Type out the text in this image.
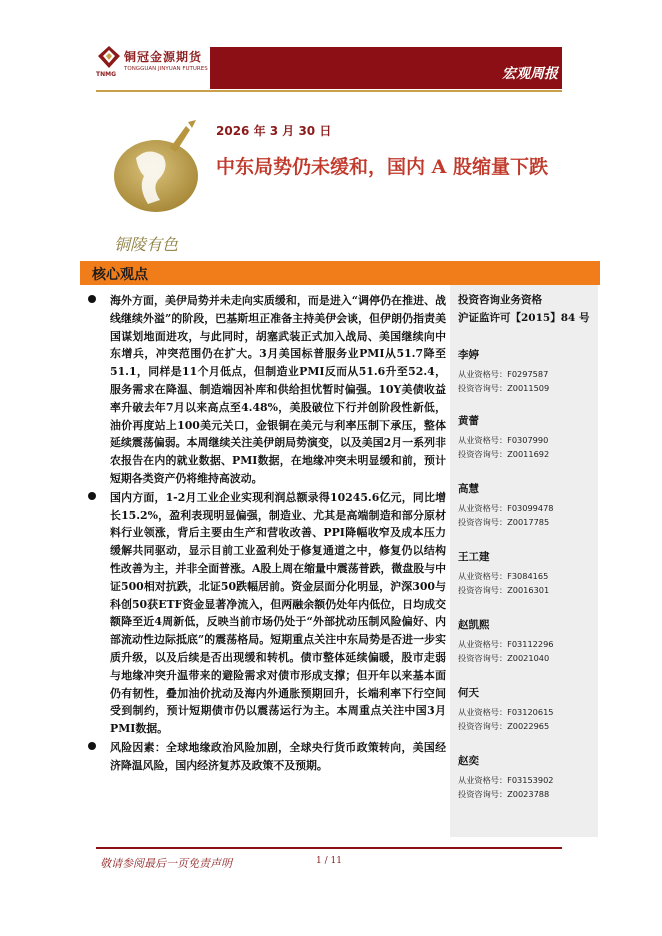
TNMG
铜冠金源期货
TONGGUAN JINYUAN FUTURES	宏观周报
铜陵有色
2026 年 3 月 30 日
中东局势仍未缓和，国内 A 股缩量下跌
核心观点
海外方面，美伊局势并未走向实质缓和，而是进入“调停仍在推进、战线继续外溢”的阶段，巴基斯坦正准备主持美伊会谈，但伊朗仍指责美国谋划地面进攻，与此同时，胡塞武装正式加入战局、美国继续向中东增兵，冲突范围仍在扩大。3月美国标普服务业PMI从51.7降至51.1，同样是11个月低点，但制造业PMI反而从51.6升至52.4，服务需求在降温、制造端因补库和供给担忧暂时偏强。10Y美债收益率升破去年7月以来高点至4.48%，美股破位下行并创阶段性新低，油价再度站上100美元关口，金银铜在美元与利率压制下承压，整体延续震荡偏弱。本周继续关注美伊朗局势演变，以及美国2月一系列非农报告在内的就业数据、PMI数据，在地缘冲突未明显缓和前，预计短期各类资产仍将维持高波动。
国内方面，1-2月工业企业实现利润总额录得10245.6亿元，同比增长15.2%，盈利表现明显偏强，制造业、尤其是高端制造和部分原材料行业领涨，背后主要由生产和营收改善、PPI降幅收窄及成本压力缓解共同驱动，显示目前工业盈利处于修复通道之中，修复仍以结构性改善为主，并非全面普涨。A股上周在缩量中震荡普跌，微盘股与中证500相对抗跌，北证50跌幅居前。资金层面分化明显，沪深300与科创50获ETF资金显著净流入，但两融余额仍处年内低位，日均成交额降至近4周新低，反映当前市场仍处于“外部扰动压制风险偏好、内部流动性边际抵底”的震荡格局。短期重点关注中东局势是否进一步实质升级，以及后续是否出现缓和转机。债市整体延续偏暖，股市走弱与地缘冲突升温带来的避险需求对债市形成支撑；但开年以来基本面仍有韧性，叠加油价扰动及海内外通胀预期回升，长端利率下行空间受到制约，预计短期债市仍以震荡运行为主。本周重点关注中国3月PMI数据。
风险因素：全球地缘政治风险加剧，全球央行货币政策转向，美国经济降温风险，国内经济复苏及政策不及预期。
投资咨询业务资格
沪证监许可【2015】84 号
李婷
从业资格号：F0297587
投资咨询号：Z0011509
黄蕾
从业资格号：F0307990
投资咨询号：Z0011692
高慧
从业资格号：F03099478
投资咨询号：Z0017785
王工建
从业资格号：F3084165
投资咨询号：Z0016301
赵凯熙
从业资格号：F03112296
投资咨询号：Z0021040
何天
从业资格号：F03120615
投资咨询号：Z0022965
赵奕
从业资格号：F03153902
投资咨询号：Z0023788
敬请参阅最后一页免责声明	1 / 11
